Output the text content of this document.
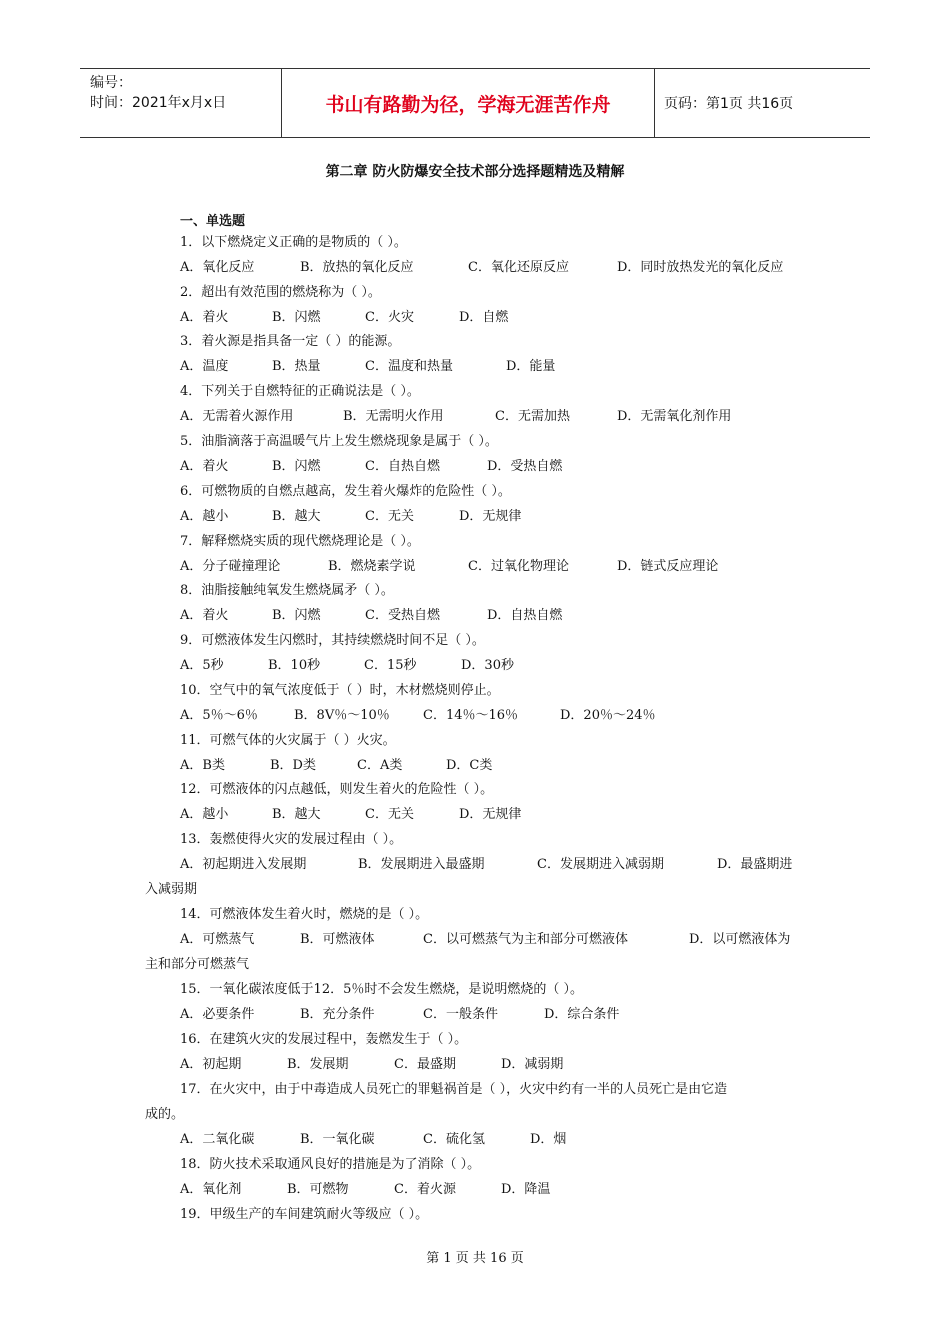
编号：
时间：2021年x月x日	书山有路勤为径，学海无涯苦作舟	页码：第1页 共16页
第二章 防火防爆安全技术部分选择题精选及精解
一、单选题
1．以下燃烧定义正确的是物质的（ ）。
A．氧化反应	B．放热的氧化反应	C．氧化还原反应	D．同时放热发光的氧化反应
2．超出有效范围的燃烧称为（ ）。
A．着火	B．闪燃	C．火灾	D．自燃
3．着火源是指具备一定（ ）的能源。
A．温度	B．热量	C．温度和热量	D．能量
4．下列关于自燃特征的正确说法是（ ）。
A．无需着火源作用	B．无需明火作用	C．无需加热	D．无需氧化剂作用
5．油脂滴落于高温暖气片上发生燃烧现象是属于（ ）。
A．着火	B．闪燃	C．自热自燃	D．受热自燃
6．可燃物质的自燃点越高，发生着火爆炸的危险性（ ）。
A．越小	B．越大	C．无关	D．无规律
7．解释燃烧实质的现代燃烧理论是（ ）。
A．分子碰撞理论	B．燃烧素学说	C．过氧化物理论	D．链式反应理论
8．油脂接触纯氧发生燃烧属矛（ ）。
A．着火	B．闪燃	C．受热自燃	D．自热自燃
9．可燃液体发生闪燃时，其持续燃烧时间不足（ ）。
A．5秒	B．10秒	C．15秒	D．30秒
10．空气中的氧气浓度低于（ ）时，木材燃烧则停止。
A．5％～6％	B．8V％～10％	C．14％～16％	D．20％～24％
11．可燃气体的火灾属于（ ）火灾。
A．B类	B．D类	C．A类	D．C类
12．可燃液体的闪点越低，则发生着火的危险性（ ）。
A．越小	B．越大	C．无关	D．无规律
13．轰燃使得火灾的发展过程由（ ）。
A．初起期进入发展期	B．发展期进入最盛期	C．发展期进入减弱期	D．最盛期进
入减弱期
14．可燃液体发生着火时，燃烧的是（ ）。
A．可燃蒸气	B．可燃液体	C．以可燃蒸气为主和部分可燃液体	D．以可燃液体为
主和部分可燃蒸气
15．一氧化碳浓度低于12．5％时不会发生燃烧，是说明燃烧的（ ）。
A．必要条件	B．充分条件	C．一般条件	D．综合条件
16．在建筑火灾的发展过程中，轰燃发生于（ ）。
A．初起期	B．发展期	C．最盛期	D．减弱期
17．在火灾中，由于中毒造成人员死亡的罪魁祸首是（ ），火灾中约有一半的人员死亡是由它造
成的。
A．二氧化碳	B．一氧化碳	C．硫化氢	D．烟
18．防火技术采取通风良好的措施是为了消除（ ）。
A．氧化剂	B．可燃物	C．着火源	D．降温
19．甲级生产的车间建筑耐火等级应（ ）。
第 1 页 共 16 页
